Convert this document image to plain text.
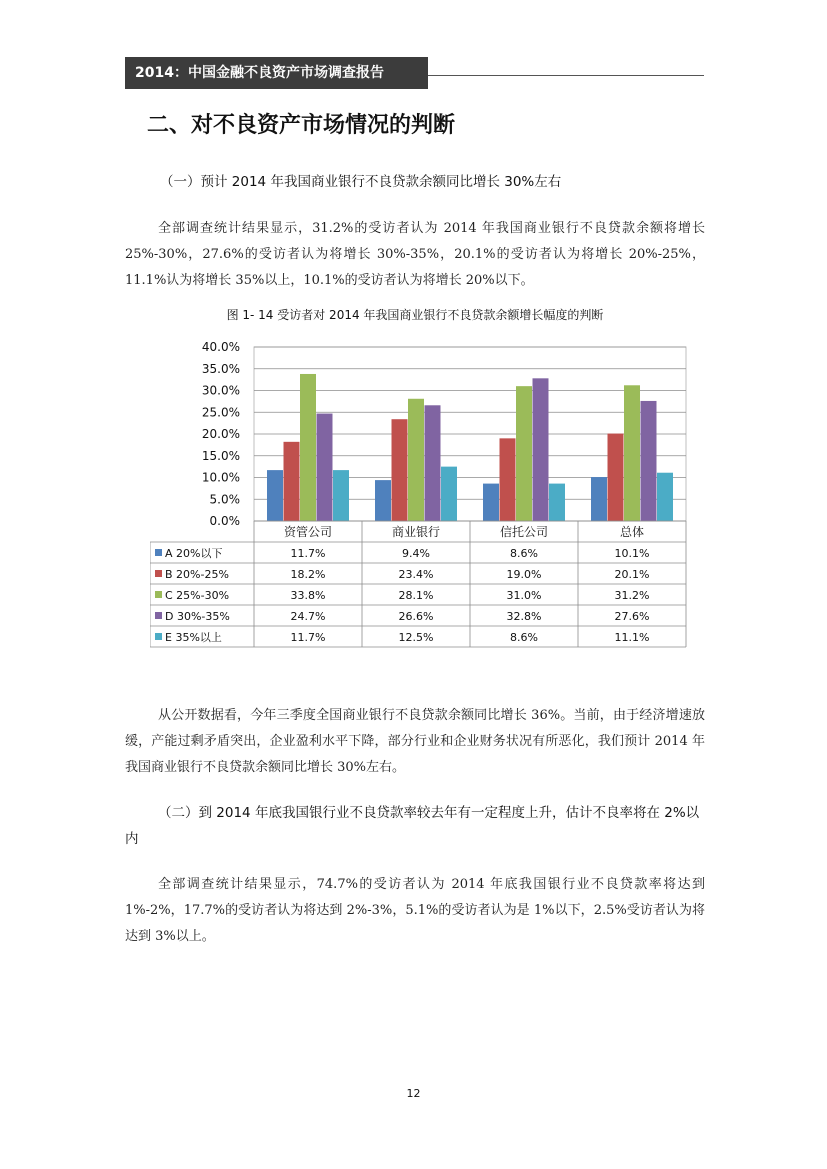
2014：中国金融不良资产市场调查报告
二、对不良资产市场情况的判断
（一）预计 2014 年我国商业银行不良贷款余额同比增长 30%左右

全部调查统计结果显示，31.2%的受访者认为 2014 年我国商业银行不良贷款余额将增长 25%-30%，27.6%的受访者认为将增长 30%-35%，20.1%的受访者认为将增长 20%-25%，11.1%认为将增长 35%以上，10.1%的受访者认为将增长 20%以下。

图 1- 14 受访者对 2014 年我国商业银行不良贷款余额增长幅度的判断
0.0%
5.0%
10.0%
15.0%
20.0%
25.0%
30.0%
35.0%
40.0%
资管公司	商业银行	信托公司	总体
A 20%以下	11.7%	9.4%	8.6%	10.1%
B 20%-25%	18.2%	23.4%	19.0%	20.1%
C 25%-30%	33.8%	28.1%	31.0%	31.2%
D 30%-35%	24.7%	26.6%	32.8%	27.6%
E 35%以上	11.7%	12.5%	8.6%	11.1%

从公开数据看，今年三季度全国商业银行不良贷款余额同比增长 36%。当前，由于经济增速放缓，产能过剩矛盾突出，企业盈利水平下降，部分行业和企业财务状况有所恶化，我们预计 2014 年我国商业银行不良贷款余额同比增长 30%左右。

（二）到 2014 年底我国银行业不良贷款率较去年有一定程度上升，估计不良率将在 2%以内

全部调查统计结果显示，74.7%的受访者认为 2014 年底我国银行业不良贷款率将达到 1%-2%，17.7%的受访者认为将达到 2%-3%，5.1%的受访者认为是 1%以下，2.5%受访者认为将达到 3%以上。

12
